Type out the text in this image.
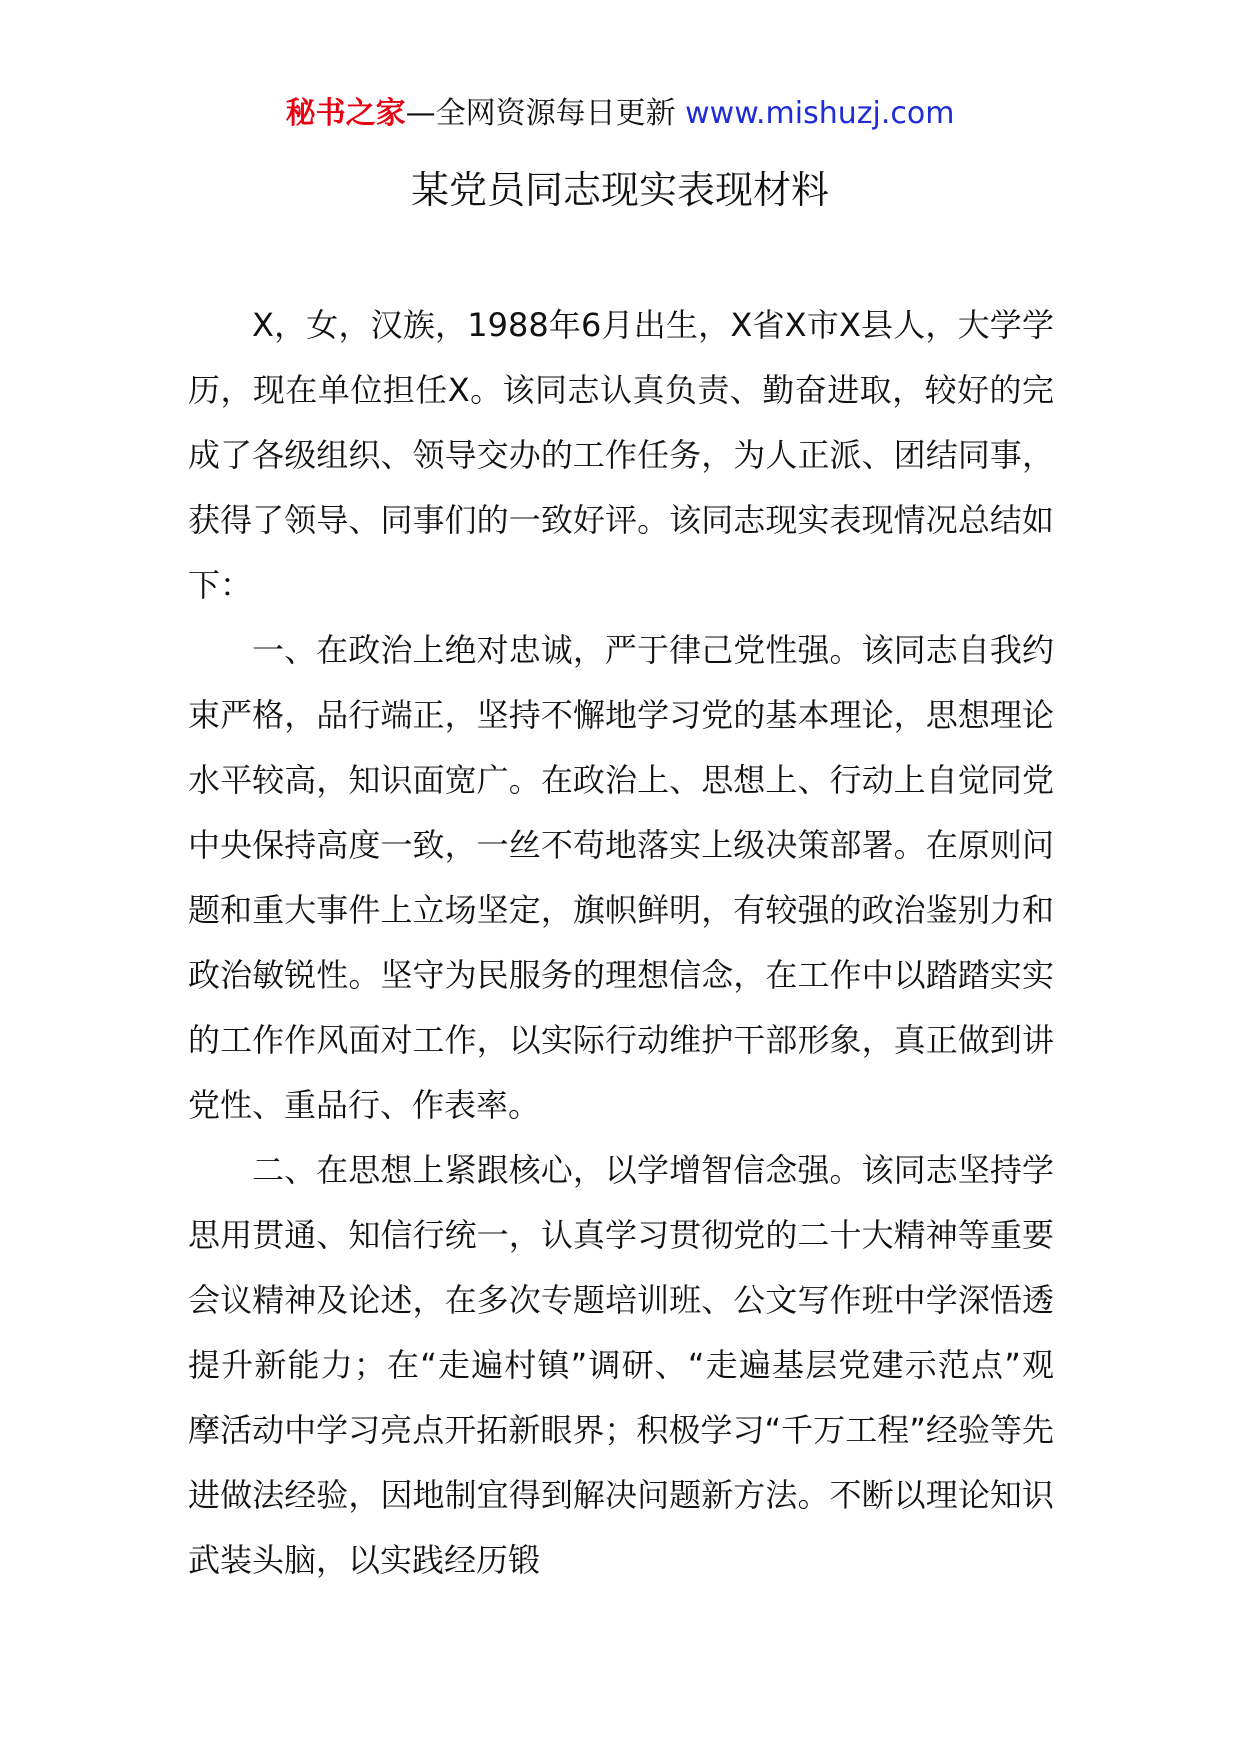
秘书之家—全网资源每日更新 www.mishuzj.com
某党员同志现实表现材料

X，女，汉族，1988年6月出生，X省X市X县人，大学学历，现在单位担任X。该同志认真负责、勤奋进取，较好的完成了各级组织、领导交办的工作任务，为人正派、团结同事，获得了领导、同事们的一致好评。该同志现实表现情况总结如下：

一、在政治上绝对忠诚，严于律己党性强。该同志自我约束严格，品行端正，坚持不懈地学习党的基本理论，思想理论水平较高，知识面宽广。在政治上、思想上、行动上自觉同党中央保持高度一致，一丝不苟地落实上级决策部署。在原则问题和重大事件上立场坚定，旗帜鲜明，有较强的政治鉴别力和政治敏锐性。坚守为民服务的理想信念，在工作中以踏踏实实的工作作风面对工作，以实际行动维护干部形象，真正做到讲党性、重品行、作表率。

二、在思想上紧跟核心，以学增智信念强。该同志坚持学思用贯通、知信行统一，认真学习贯彻党的二十大精神等重要会议精神及论述，在多次专题培训班、公文写作班中学深悟透提升新能力；在“走遍村镇”调研、“走遍基层党建示范点”观摩活动中学习亮点开拓新眼界；积极学习“千万工程”经验等先进做法经验，因地制宜得到解决问题新方法。不断以理论知识武装头脑，以实践经历锻
